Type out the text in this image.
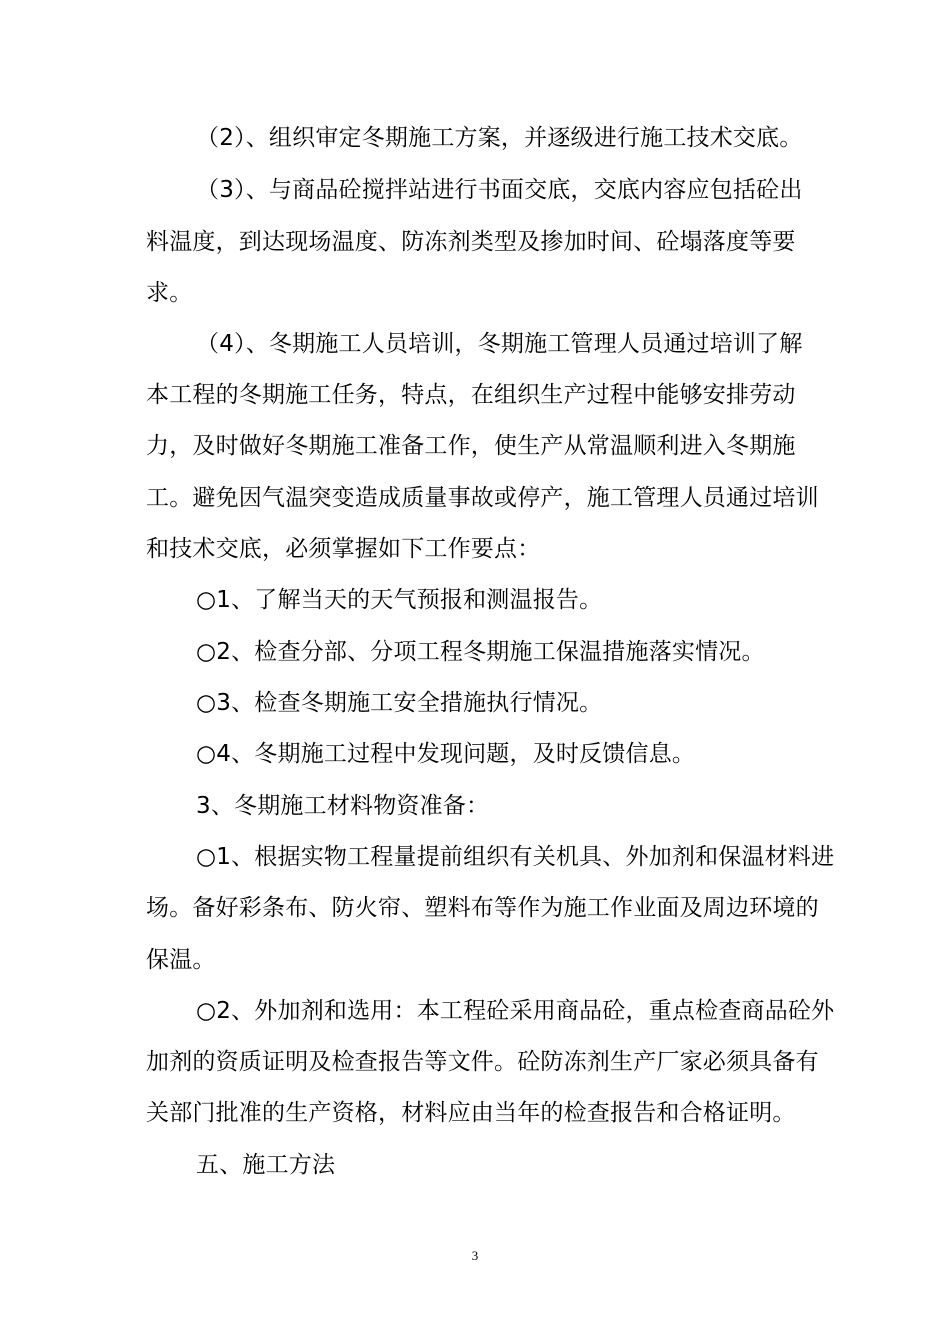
（2）、组织审定冬期施工方案，并逐级进行施工技术交底。
（3）、与商品砼搅拌站进行书面交底，交底内容应包括砼出
料温度，到达现场温度、防冻剂类型及掺加时间、砼塌落度等要
求。
（4）、冬期施工人员培训，冬期施工管理人员通过培训了解
本工程的冬期施工任务，特点，在组织生产过程中能够安排劳动
力，及时做好冬期施工准备工作，使生产从常温顺利进入冬期施
工。避免因气温突变造成质量事故或停产，施工管理人员通过培训
和技术交底，必须掌握如下工作要点：
○1、了解当天的天气预报和测温报告。
○2、检查分部、分项工程冬期施工保温措施落实情况。
○3、检查冬期施工安全措施执行情况。
○4、冬期施工过程中发现问题，及时反馈信息。
3、冬期施工材料物资准备：
○1、根据实物工程量提前组织有关机具、外加剂和保温材料进
场。备好彩条布、防火帘、塑料布等作为施工作业面及周边环境的
保温。
○2、外加剂和选用：本工程砼采用商品砼，重点检查商品砼外
加剂的资质证明及检查报告等文件。砼防冻剂生产厂家必须具备有
关部门批准的生产资格，材料应由当年的检查报告和合格证明。
五、施工方法
3
